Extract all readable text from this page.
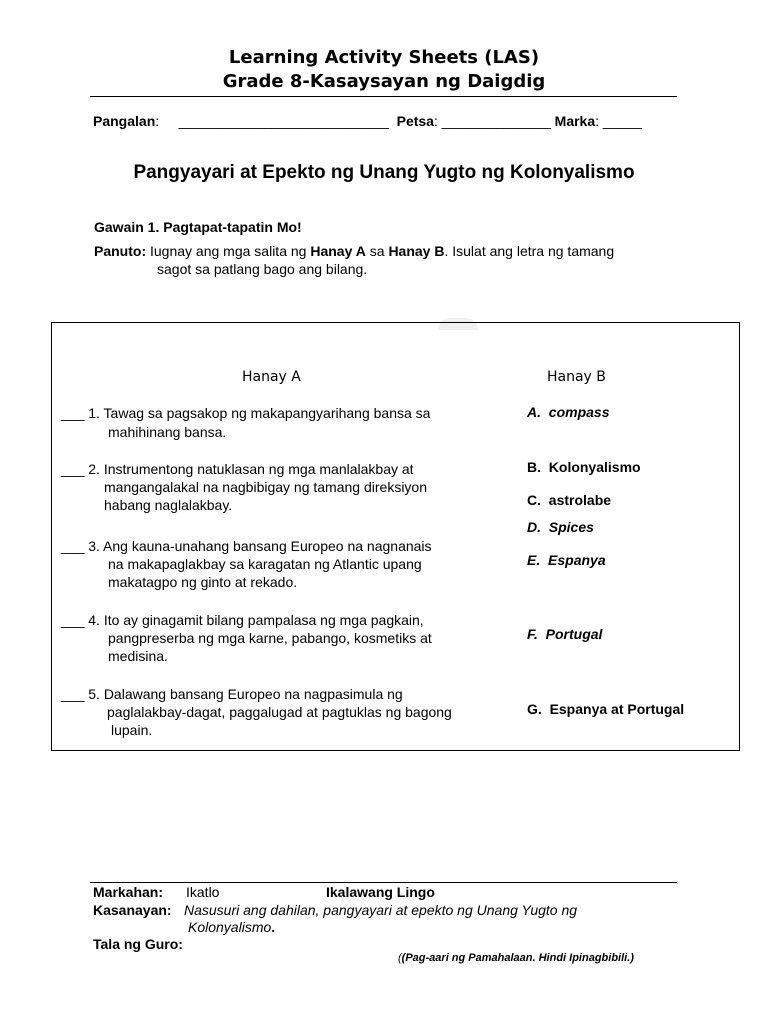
Learning Activity Sheets (LAS)
Grade 8-Kasaysayan ng Daigdig
Pangalan:     ___________________________ Petsa: ______________ Marka: _____
Pangyayari at Epekto ng Unang Yugto ng Kolonyalismo
Gawain 1. Pagtapat-tapatin Mo!
Panuto: Iugnay ang mga salita ng Hanay A sa Hanay B. Isulat ang letra ng tamang
sagot sa patlang bago ang bilang.
Hanay A	Hanay B
___ 1. Tawag sa pagsakop ng makapangyarihang bansa sa
mahihinang bansa.
___ 2. Instrumentong natuklasan ng mga manlalakbay at
mangangalakal na nagbibigay ng tamang direksiyon
habang naglalakbay.
___ 3. Ang kauna-unahang bansang Europeo na nagnanais
na makapaglakbay sa karagatan ng Atlantic upang
makatagpo ng ginto at rekado.
___ 4. Ito ay ginagamit bilang pampalasa ng mga pagkain,
pangpreserba ng mga karne, pabango, kosmetiks at
medisina.
___ 5. Dalawang bansang Europeo na nagpasimula ng
paglalakbay-dagat, paggalugad at pagtuklas ng bagong
lupain.
A. compass
B. Kolonyalismo
C. astrolabe
D. Spices
E. Espanya
F. Portugal
G. Espanya at Portugal
Markahan: Ikatlo	Ikalawang Lingo
Kasanayan: Nasusuri ang dahilan, pangyayari at epekto ng Unang Yugto ng
Kolonyalismo.
Tala ng Guro:
((Pag-aari ng Pamahalaan. Hindi Ipinagbibili.)
